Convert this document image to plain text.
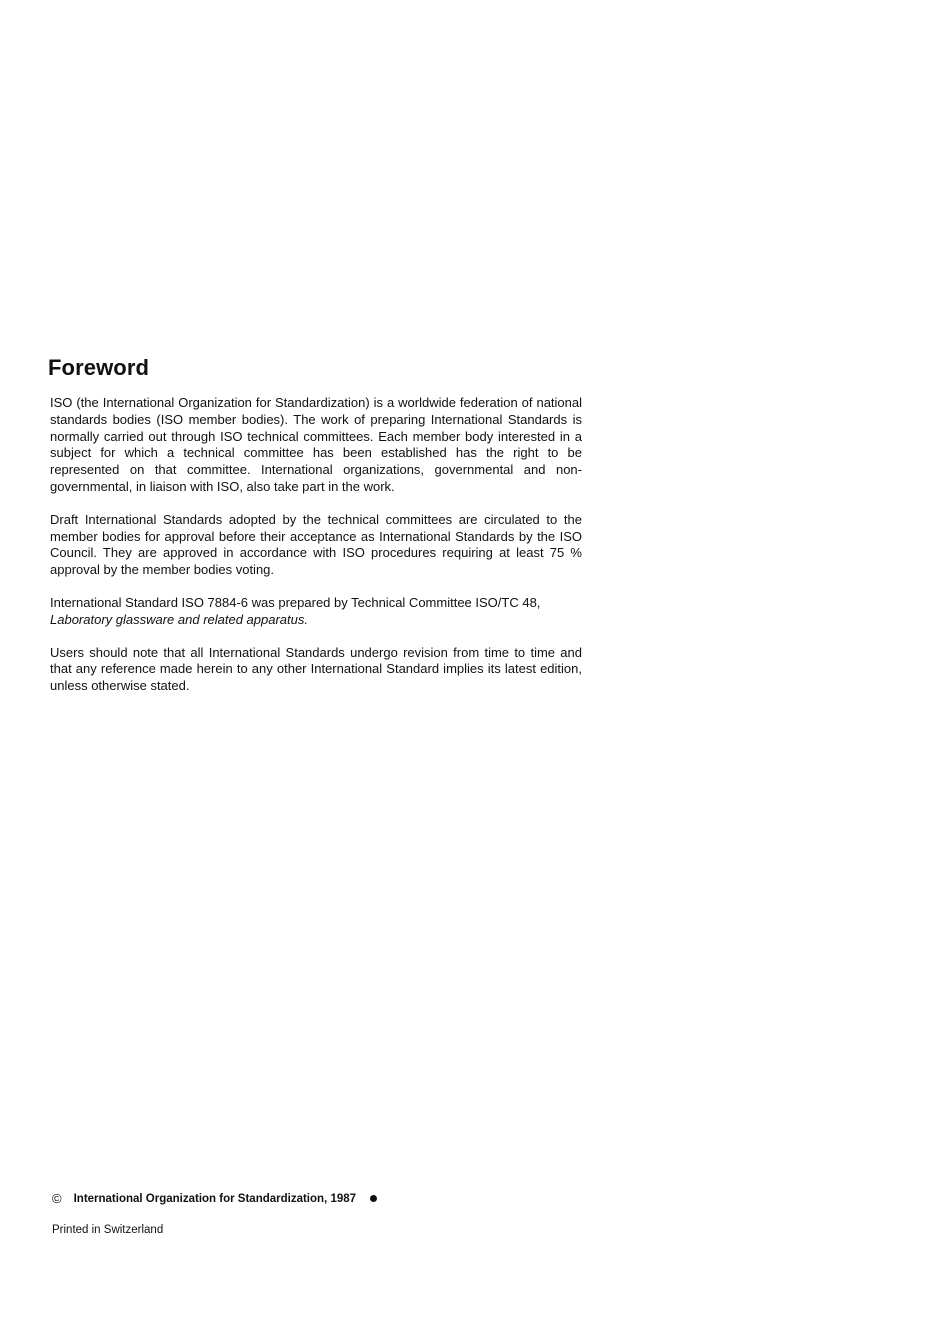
Foreword

ISO (the International Organization for Standardization) is a worldwide federation of national standards bodies (ISO member bodies). The work of preparing International Standards is normally carried out through ISO technical committees. Each member body interested in a subject for which a technical committee has been established has the right to be represented on that committee. International organizations, governmental and non-governmental, in liaison with ISO, also take part in the work.

Draft International Standards adopted by the technical committees are circulated to the member bodies for approval before their acceptance as International Standards by the ISO Council. They are approved in accordance with ISO procedures requiring at least 75 % approval by the member bodies voting.

International Standard ISO 7884-6 was prepared by Technical Committee ISO/TC 48,

Laboratory glassware and related apparatus.

Users should note that all International Standards undergo revision from time to time and that any reference made herein to any other International Standard implies its latest edition, unless otherwise stated.

© International Organization for Standardization, 1987
Printed in Switzerland
